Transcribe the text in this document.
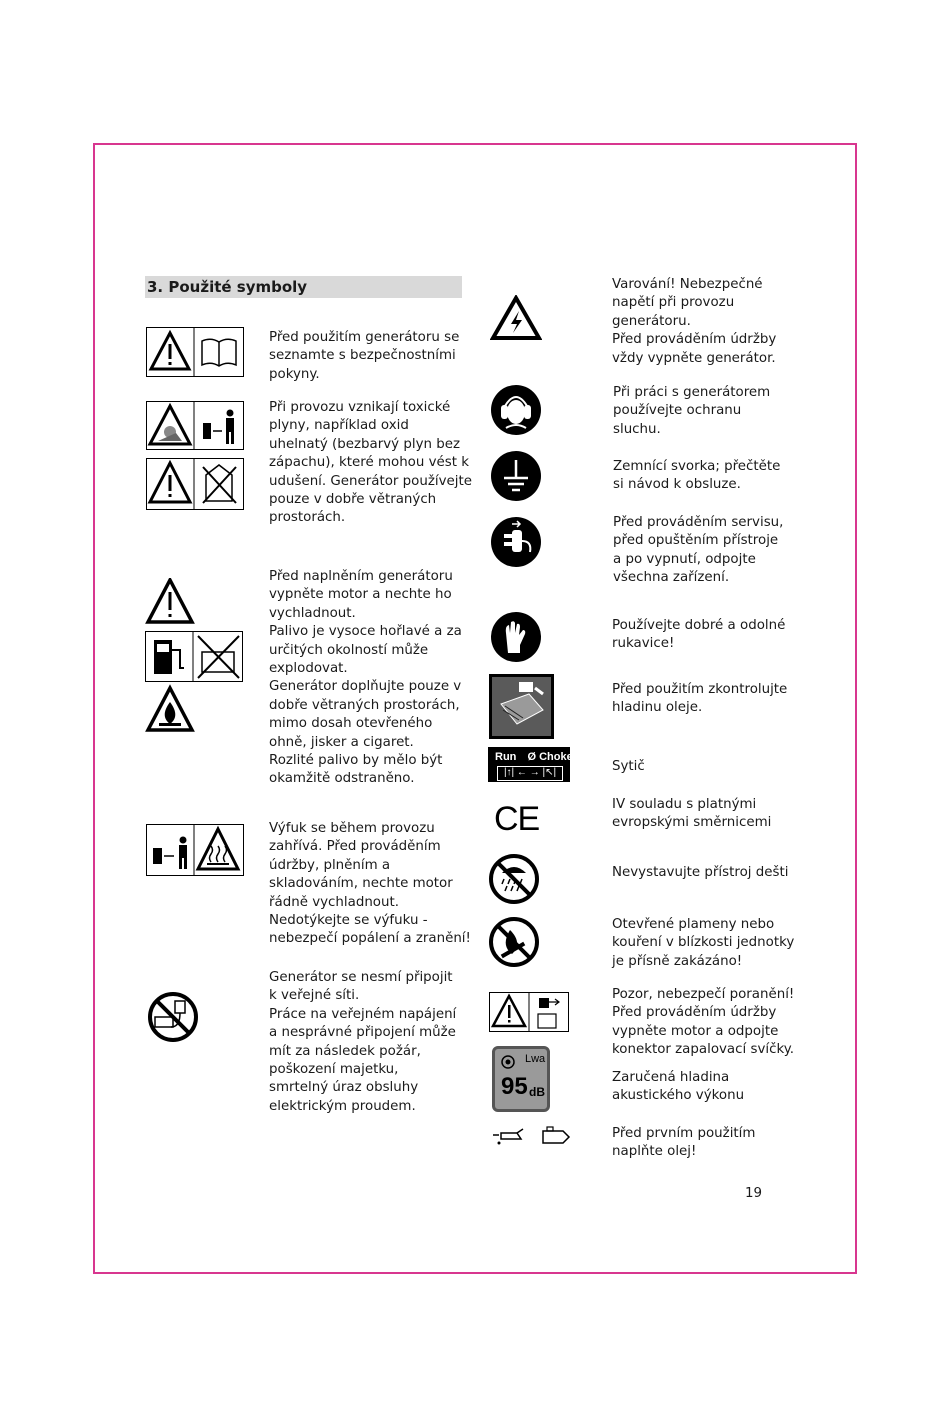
3. Použité symboly
Před použitím generátoru se
seznamte s bezpečnostními
pokyny.
Při provozu vznikají toxické
plyny, například oxid
uhelnatý (bezbarvý plyn bez
zápachu), které mohou vést k
udušení. Generátor používejte
pouze v dobře větraných
prostorách.
Před naplněním generátoru
vypněte motor a nechte ho
vychladnout.
Palivo je vysoce hořlavé a za
určitých okolností může
explodovat.
Generátor doplňujte pouze v
dobře větraných prostorách,
mimo dosah otevřeného
ohně, jisker a cigaret.
Rozlité palivo by mělo být
okamžitě odstraněno.
Výfuk se během provozu
zahřívá. Před prováděním
údržby, plněním a
skladováním, nechte motor
řádně vychladnout.
Nedotýkejte se výfuku -
nebezpečí popálení a zranění!
Generátor se nesmí připojit
k veřejné síti.
Práce na veřejném napájení
a nesprávné připojení může
mít za následek požár,
poškození majetku,
smrtelný úraz obsluhy
elektrickým proudem.
Run Ø Choke
|↑| ← → |↖|
CE
Lwa
95 dB
Varování! Nebezpečné
napětí při provozu
generátoru.
Před prováděním údržby
vždy vypněte generátor.
Při práci s generátorem
používejte ochranu
sluchu.
Zemnící svorka; přečtěte
si návod k obsluze.
Před prováděním servisu,
před opuštěním přístroje
a po vypnutí, odpojte
všechna zařízení.
Používejte dobré a odolné
rukavice!
Před použitím zkontrolujte
hladinu oleje.
Sytič
IV souladu s platnými
evropskými směrnicemi
Nevystavujte přístroj dešti
Otevřené plameny nebo
kouření v blízkosti jednotky
je přísně zakázáno!
Pozor, nebezpečí poranění!
Před prováděním údržby
vypněte motor a odpojte
konektor zapalovací svíčky.
Zaručená hladina
akustického výkonu
Před prvním použitím
naplňte olej!
19
